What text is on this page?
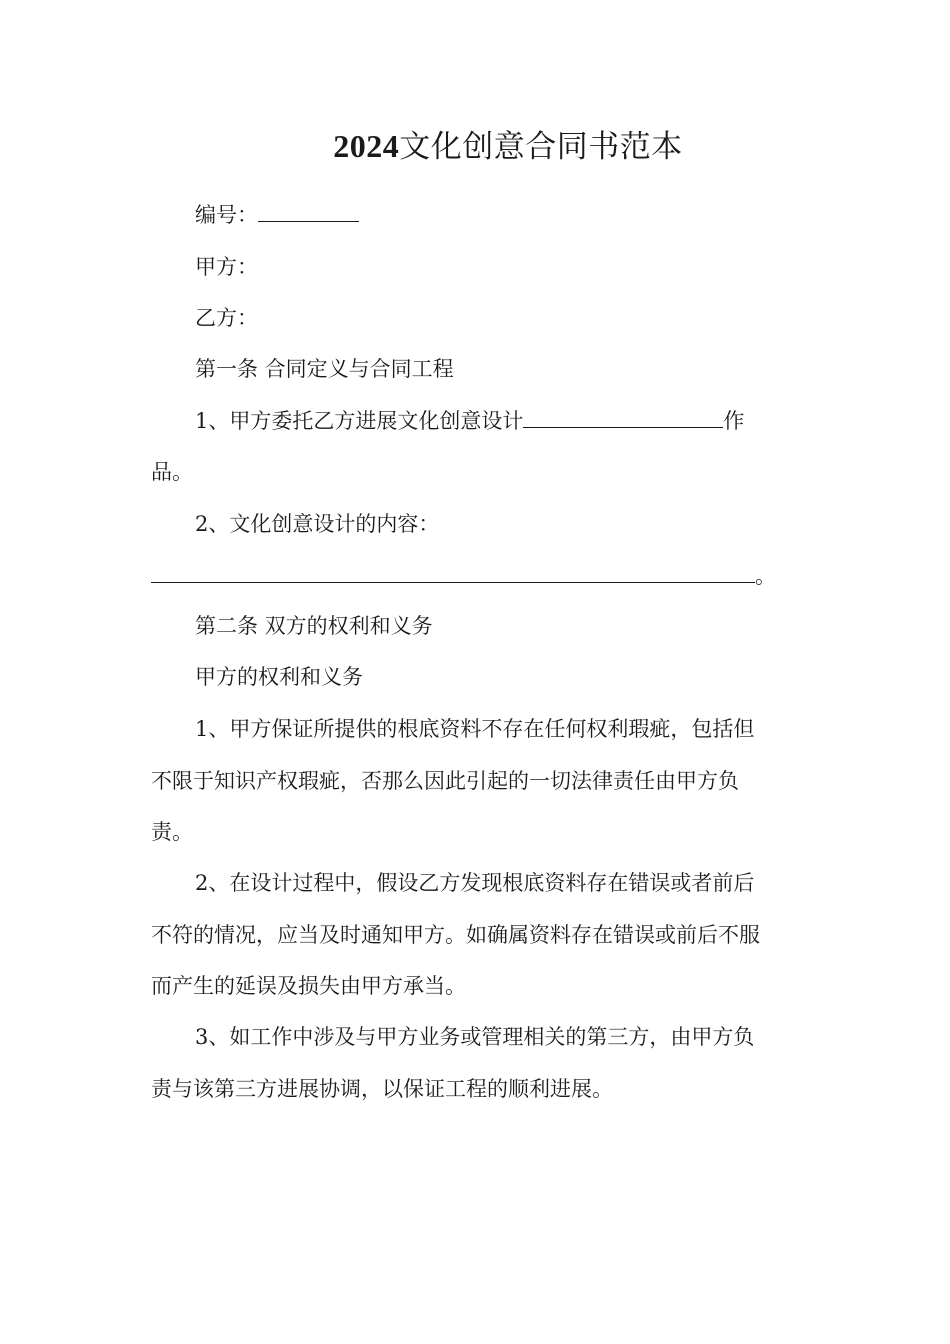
2024文化创意合同书范本
编号：
甲方：
乙方：
第一条 合同定义与合同工程
1、甲方委托乙方进展文化创意设计	作
品。
2、文化创意设计的内容：
。
第二条 双方的权利和义务
甲方的权利和义务
1、甲方保证所提供的根底资料不存在任何权利瑕疵，包括但
不限于知识产权瑕疵，否那么因此引起的一切法律责任由甲方负
责。
2、在设计过程中，假设乙方发现根底资料存在错误或者前后
不符的情况，应当及时通知甲方。如确属资料存在错误或前后不服
而产生的延误及损失由甲方承当。
3、如工作中涉及与甲方业务或管理相关的第三方，由甲方负
责与该第三方进展协调，以保证工程的顺利进展。
